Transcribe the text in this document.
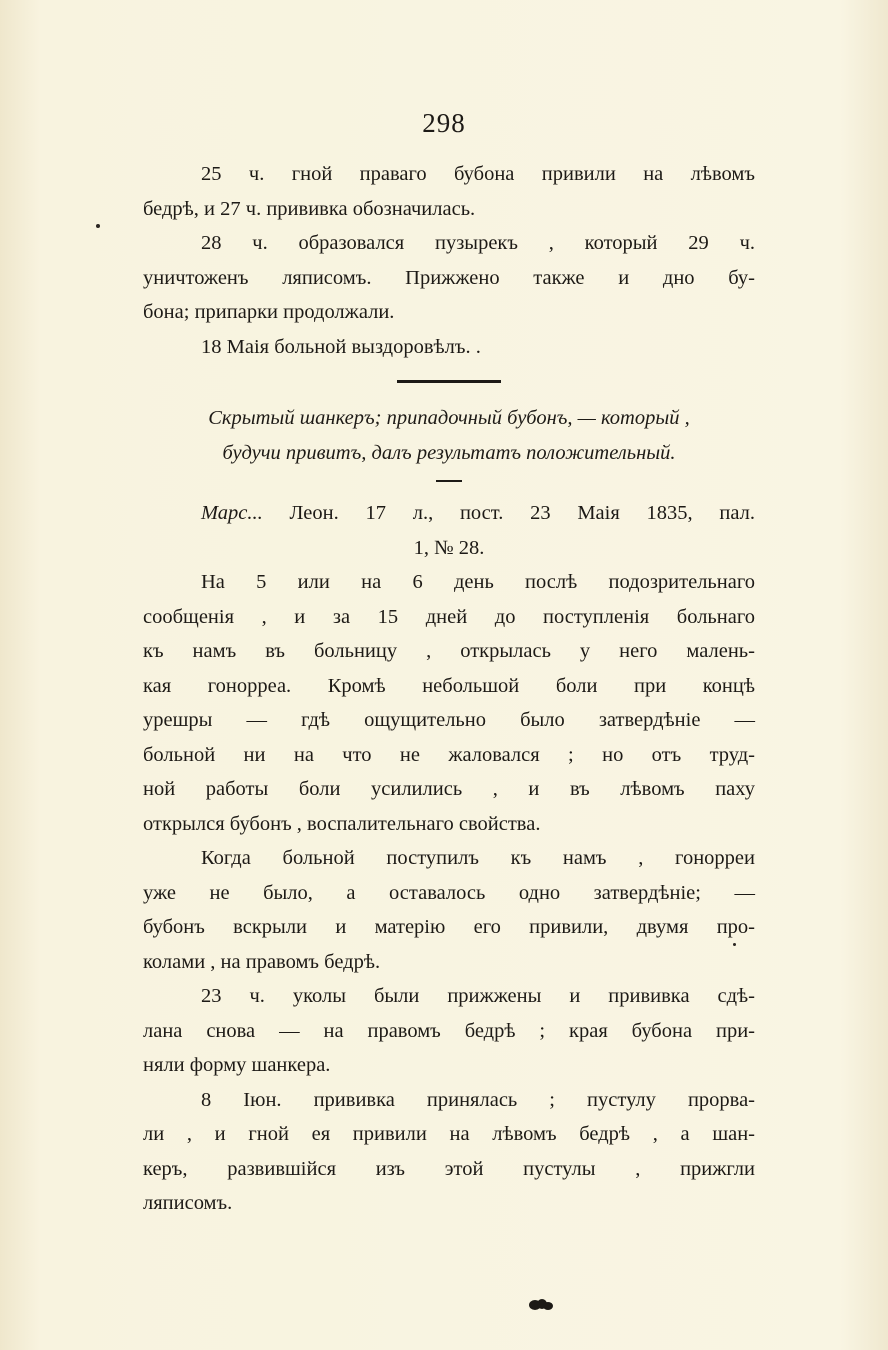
298
25 ч. гной праваго бубона привили на лѣвомъ
бедрѣ, и 27 ч. прививка обозначилась.
28 ч. образовался пузырекъ , который 29 ч.
уничтоженъ ляписомъ. Прижжено также и дно бу-
бона; припарки продолжали.
18 Маія больной выздоровѣлъ. .
Скрытый шанкеръ; припадочный бубонъ, — который ,
будучи привитъ, далъ результатъ положительный.
Марс... Леон. 17 л., пост. 23 Маія 1835, пал.
1, № 28.
На 5 или на 6 день послѣ подозрительнаго
сообщенія , и за 15 дней до поступленія больнаго
къ намъ въ больницу , открылась у него малень-
кая гонорреа. Кромѣ небольшой боли при концѣ
урешры — гдѣ ощущительно было затвердѣніе —
больной ни на что не жаловался ; но отъ труд-
ной работы боли усилились , и въ лѣвомъ паху
открылся бубонъ , воспалительнаго свойства.
Когда больной поступилъ къ намъ , гонорреи
уже не было, а оставалось одно затвердѣніе; —
бубонъ вскрыли и матерію его привили, двумя про-
колами , на правомъ бедрѣ.
23 ч. уколы были прижжены и прививка сдѣ-
лана снова — на правомъ бедрѣ ; края бубона при-
няли форму шанкера.
8 Іюн. прививка принялась ; пустулу прорва-
ли , и гной ея привили на лѣвомъ бедрѣ , а шан-
керъ, развившійся изъ этой пустулы , прижгли
ляписомъ.
